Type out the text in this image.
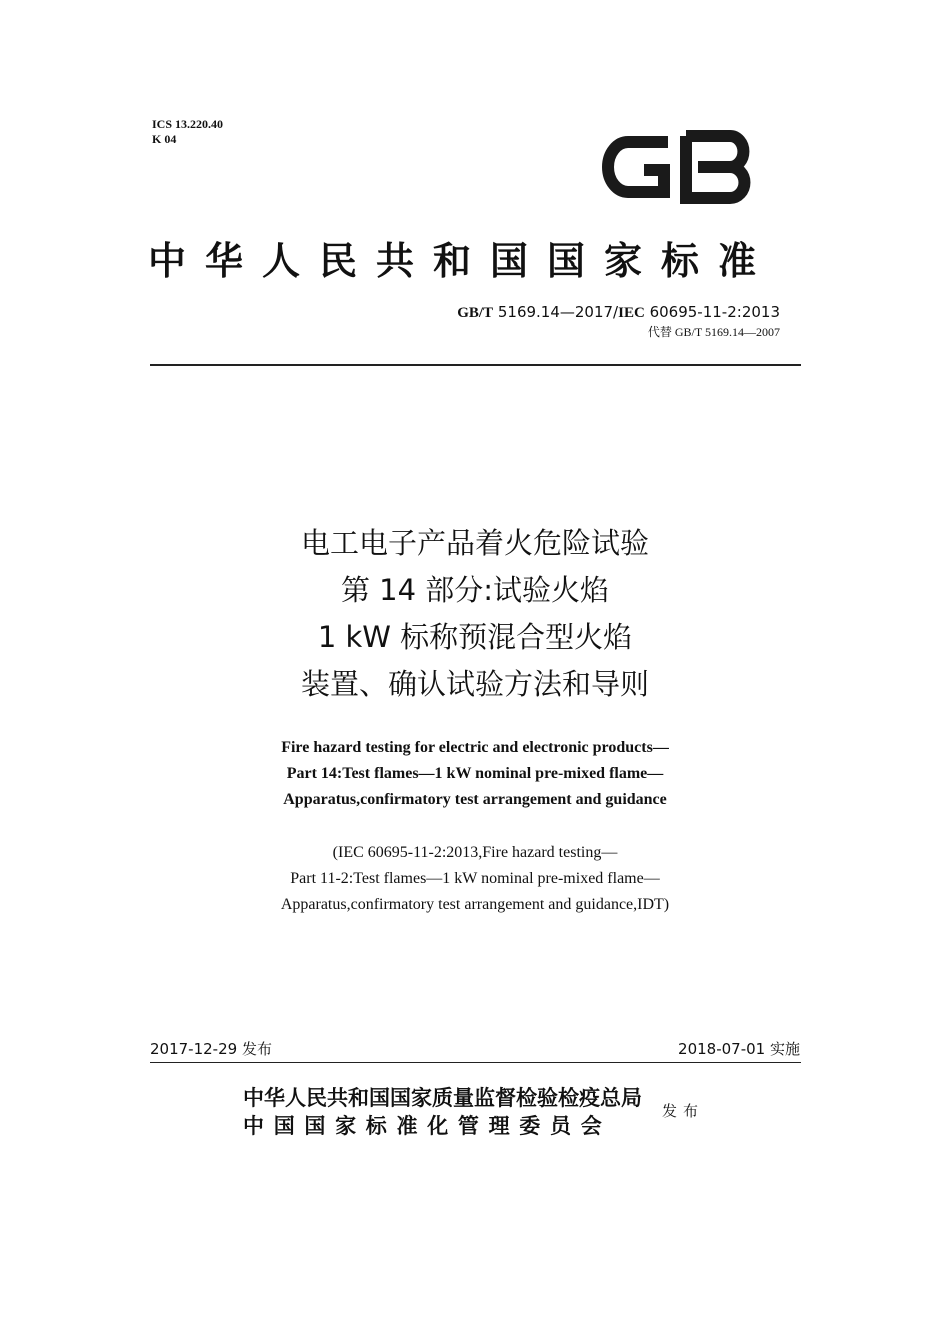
ICS 13.220.40
K 04
中华人民共和国国家标准
GB/T 5169.14—2017/IEC 60695-11-2:2013
代替 GB/T 5169.14—2007
电工电子产品着火危险试验
第 14 部分:试验火焰
1 kW 标称预混合型火焰
装置、确认试验方法和导则
Fire hazard testing for electric and electronic products—
Part 14:Test flames—1 kW nominal pre-mixed flame—
Apparatus,confirmatory test arrangement and guidance
(IEC 60695-11-2:2013,Fire hazard testing—
Part 11-2:Test flames—1 kW nominal pre-mixed flame—
Apparatus,confirmatory test arrangement and guidance,IDT)
2017-12-29 发布	2018-07-01 实施
中华人民共和国国家质量监督检验检疫总局
中国国家标准化管理委员会
发布
